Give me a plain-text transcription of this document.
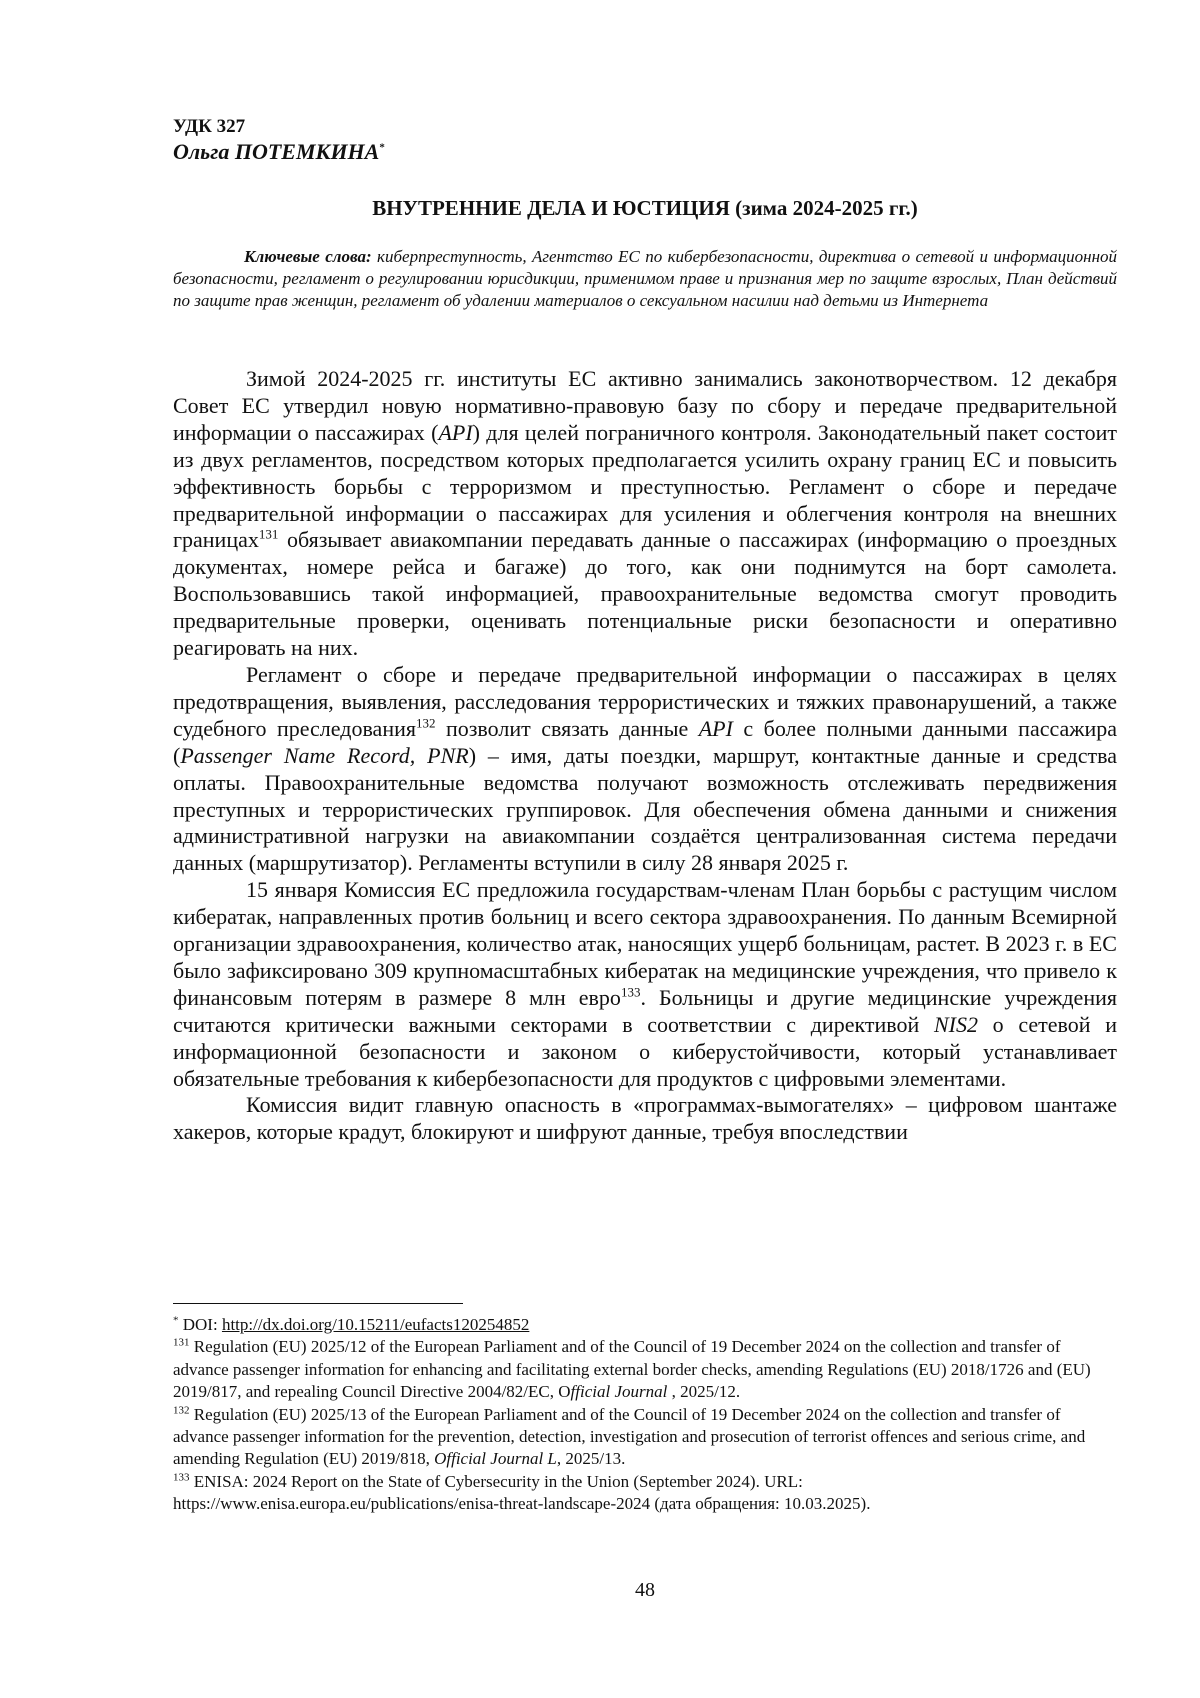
УДК 327

Ольга ПОТЕМКИНА*

ВНУТРЕННИЕ ДЕЛА И ЮСТИЦИЯ (зима 2024-2025 гг.)

Ключевые слова: киберпреступность, Агентство ЕС по кибербезопасности, директива о сетевой и информационной безопасности, регламент о регулировании юрисдикции, применимом праве и признания мер по защите взрослых, План действий по защите прав женщин, регламент об удалении материалов о сексуальном насилии над детьми из Интернета

Зимой 2024-2025 гг. институты ЕС активно занимались законотворчеством. 12 декабря Совет ЕС утвердил новую нормативно-правовую базу по сбору и передаче предварительной информации о пассажирах (API) для целей пограничного контроля. Законодательный пакет состоит из двух регламентов, посредством которых предполагается усилить охрану границ ЕС и повысить эффективность борьбы с терроризмом и преступностью. Регламент о сборе и передаче предварительной информации о пассажирах для усиления и облегчения контроля на внешних границах$^{131}$ обязывает авиакомпании передавать данные о пассажирах (информацию о проездных документах, номере рейса и багаже) до того, как они поднимутся на борт самолета. Воспользовавшись такой информацией, правоохранительные ведомства смогут проводить предварительные проверки, оценивать потенциальные риски безопасности и оперативно реагировать на них.

Регламент о сборе и передаче предварительной информации о пассажирах в целях предотвращения, выявления, расследования террористических и тяжких правонарушений, а также судебного преследования$^{132}$ позволит связать данные API с более полными данными пассажира (Passenger Name Record, PNR) – имя, даты поездки, маршрут, контактные данные и средства оплаты. Правоохранительные ведомства получают возможность отслеживать передвижения преступных и террористических группировок. Для обеспечения обмена данными и снижения административной нагрузки на авиакомпании создаётся централизованная система передачи данных (маршрутизатор). Регламенты вступили в силу 28 января 2025 г.

15 января Комиссия ЕС предложила государствам-членам План борьбы с растущим числом кибератак, направленных против больниц и всего сектора здравоохранения. По данным Всемирной организации здравоохранения, количество атак, наносящих ущерб больницам, растет. В 2023 г. в ЕС было зафиксировано 309 крупномасштабных кибератак на медицинские учреждения, что привело к финансовым потерям в размере 8 млн евро$^{133}$. Больницы и другие медицинские учреждения считаются критически важными секторами в соответствии с директивой NIS2 о сетевой и информационной безопасности и законом о киберустойчивости, который устанавливает обязательные требования к кибербезопасности для продуктов с цифровыми элементами.

Комиссия видит главную опасность в «программах-вымогателях» – цифровом шантаже хакеров, которые крадут, блокируют и шифруют данные, требуя впоследствии

* DOI: http://dx.doi.org/10.15211/eufacts120254852

$^{131}$ Regulation (EU) 2025/12 of the European Parliament and of the Council of 19 December 2024 on the collection and transfer of advance passenger information for enhancing and facilitating external border checks, amending Regulations (EU) 2018/1726 and (EU) 2019/817, and repealing Council Directive 2004/82/EC, Official Journal , 2025/12.

$^{132}$ Regulation (EU) 2025/13 of the European Parliament and of the Council of 19 December 2024 on the collection and transfer of advance passenger information for the prevention, detection, investigation and prosecution of terrorist offences and serious crime, and amending Regulation (EU) 2019/818, Official Journal L, 2025/13.

$^{133}$ ENISA: 2024 Report on the State of Cybersecurity in the Union (September 2024). URL: https://www.enisa.europa.eu/publications/enisa-threat-landscape-2024 (дата обращения: 10.03.2025).

48
